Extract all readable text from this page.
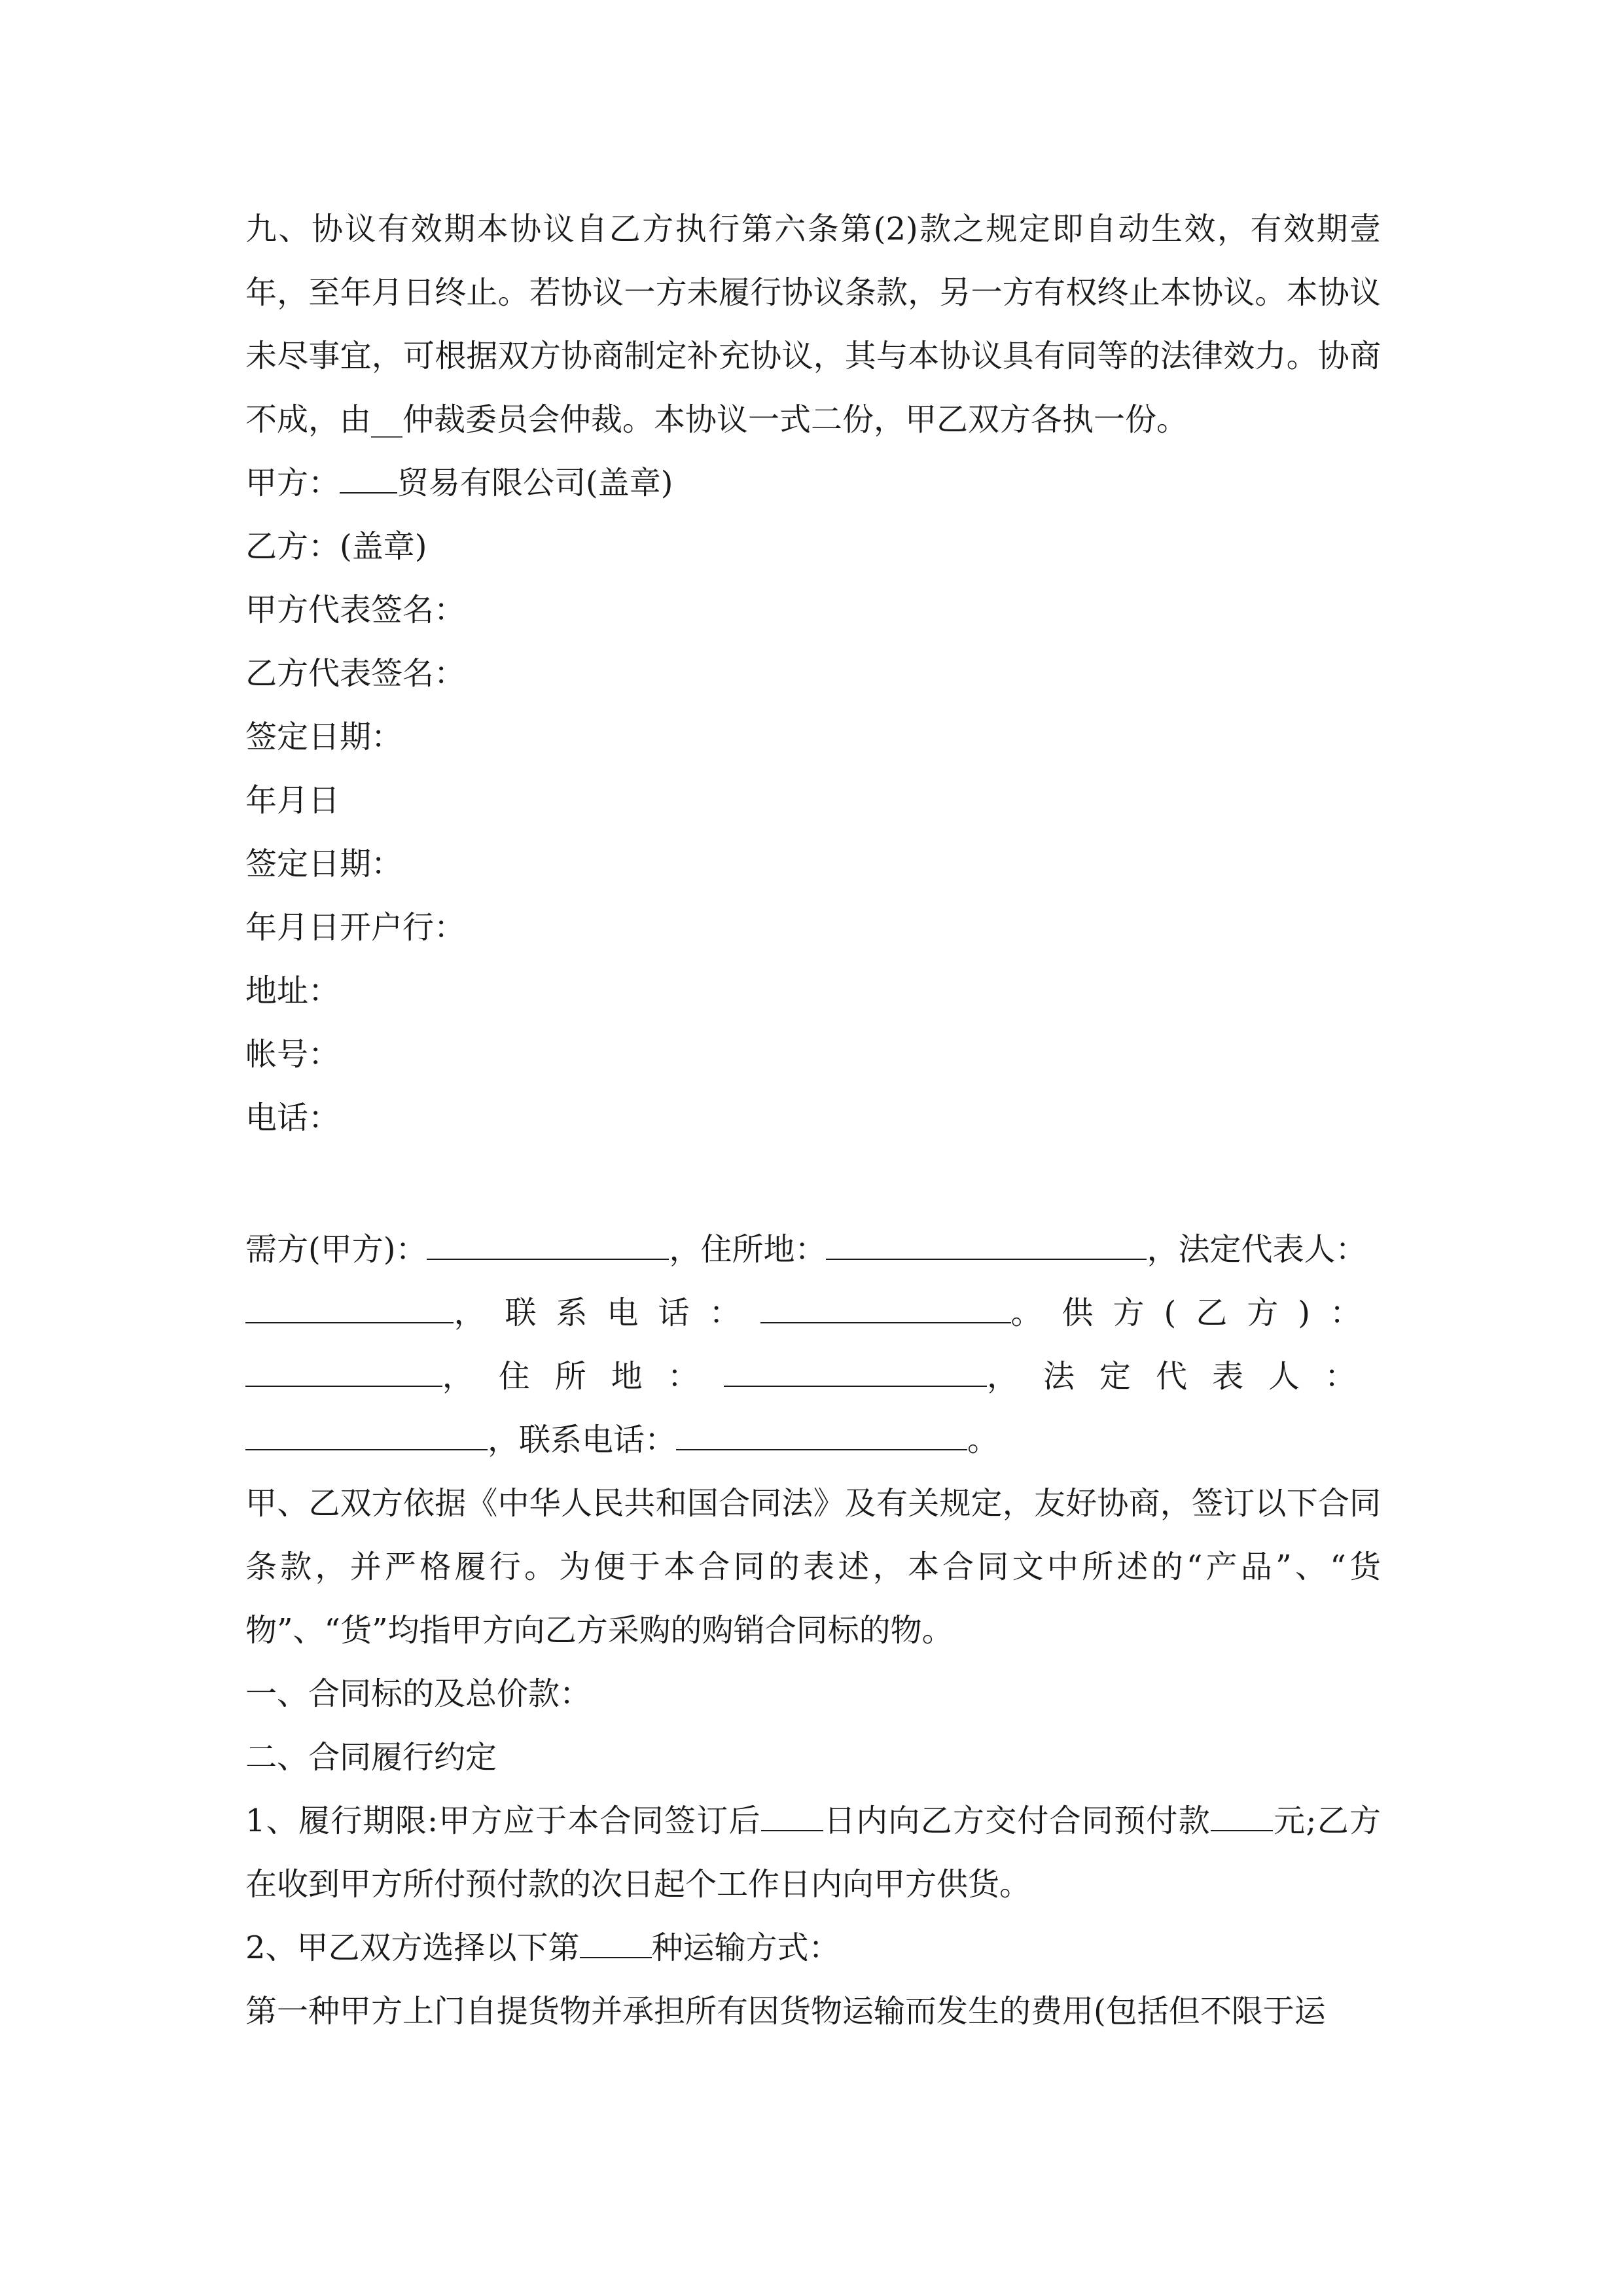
九、协议有效期本协议自乙方执行第六条第(2)款之规定即自动生效，有效期壹年，至年月日终止。若协议一方未履行协议条款，另一方有权终止本协议。本协议未尽事宜，可根据双方协商制定补充协议，其与本协议具有同等的法律效力。协商不成，由__仲裁委员会仲裁。本协议一式二份，甲乙双方各执一份。

甲方： 贸易有限公司(盖章)

乙方：(盖章)

甲方代表签名：

乙方代表签名：

签定日期：

年月日

签定日期：

年月日开户行：

地址：

帐号：

电话：

需方(甲方)：	，住所地：	，法定代表人：

，联系电话：	。供方(乙方)：
，住所地：	，法定代表人：

，联系电话：	。

甲、乙双方依据《中华人民共和国合同法》及有关规定，友好协商，签订以下合同条款，并严格履行。为便于本合同的表述，本合同文中所述的“产品”、“货物”、“货”均指甲方向乙方采购的购销合同标的物。

一、合同标的及总价款：

二、合同履行约定

1、履行期限:甲方应于本合同签订后 日内向乙方交付合同预付款 元;乙方在收到甲方所付预付款的次日起个工作日内向甲方供货。

2、甲乙双方选择以下第 种运输方式：

第一种甲方上门自提货物并承担所有因货物运输而发生的费用(包括但不限于运
